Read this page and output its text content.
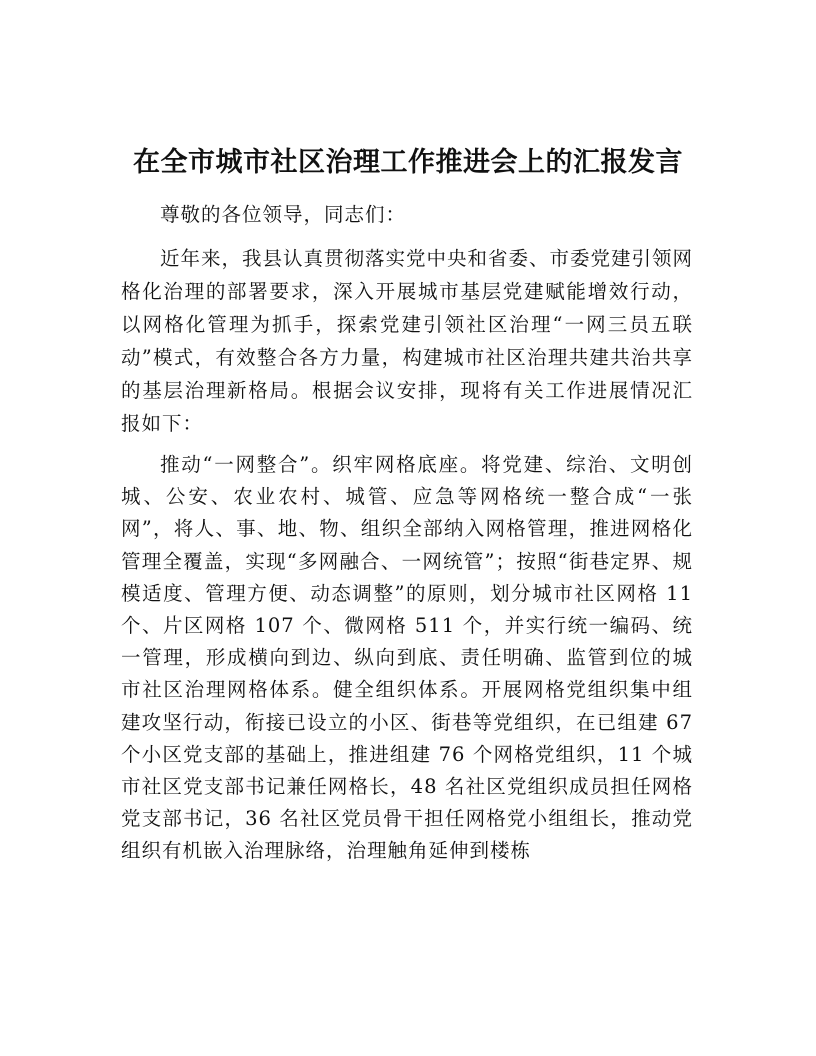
在全市城市社区治理工作推进会上的汇报发言

尊敬的各位领导，同志们：

近年来，我县认真贯彻落实党中央和省委、市委党建引领网格化治理的部署要求，深入开展城市基层党建赋能增效行动，以网格化管理为抓手，探索党建引领社区治理“一网三员五联动”模式，有效整合各方力量，构建城市社区治理共建共治共享的基层治理新格局。根据会议安排，现将有关工作进展情况汇报如下：

推动“一网整合”。织牢网格底座。将党建、综治、文明创城、公安、农业农村、城管、应急等网格统一整合成“一张网”，将人、事、地、物、组织全部纳入网格管理，推进网格化管理全覆盖，实现“多网融合、一网统管”；按照“街巷定界、规模适度、管理方便、动态调整”的原则，划分城市社区网格 11 个、片区网格 107 个、微网格 511 个，并实行统一编码、统一管理，形成横向到边、纵向到底、责任明确、监管到位的城市社区治理网格体系。健全组织体系。开展网格党组织集中组建攻坚行动，衔接已设立的小区、街巷等党组织，在已组建 67 个小区党支部的基础上，推进组建 76 个网格党组织，11 个城市社区党支部书记兼任网格长，48 名社区党组织成员担任网格党支部书记，36 名社区党员骨干担任网格党小组组长，推动党组织有机嵌入治理脉络，治理触角延伸到楼栋
